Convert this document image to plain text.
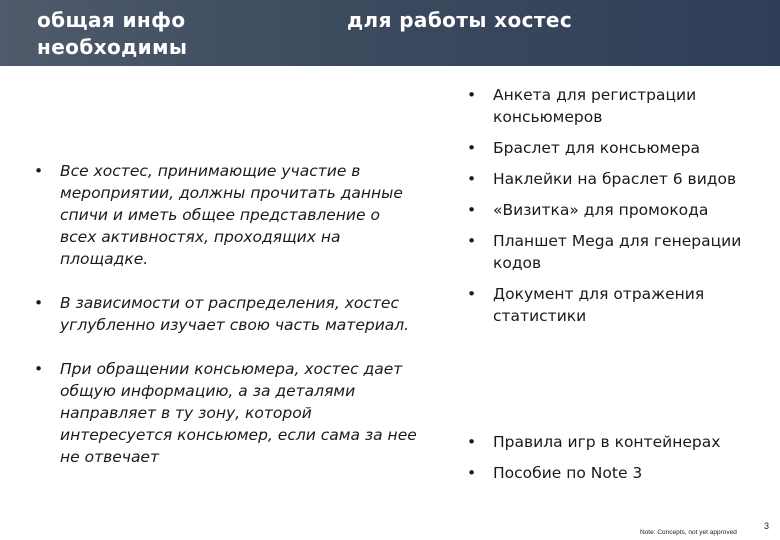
общая инфо
необходимы
для работы хостес
• Все хостес, принимающие участие в мероприятии, должны прочитать данные спичи и иметь общее представление о всех активностях, проходящих на площадке.
• В зависимости от распределения, хостес углубленно изучает свою часть материал.
• При обращении консьюмера, хостес дает общую информацию, а за деталями направляет в ту зону, которой интересуется консьюмер, если сама за нее не отвечает
• Анкета для регистрации консьюмеров
• Браслет для консьюмера
• Наклейки на браслет 6 видов
• «Визитка» для промокода
• Планшет Mega для генерации кодов
• Документ для отражения статистики
• Правила игр в контейнерах
• Пособие по Note 3
Note: Concepts, not yet approved
3
